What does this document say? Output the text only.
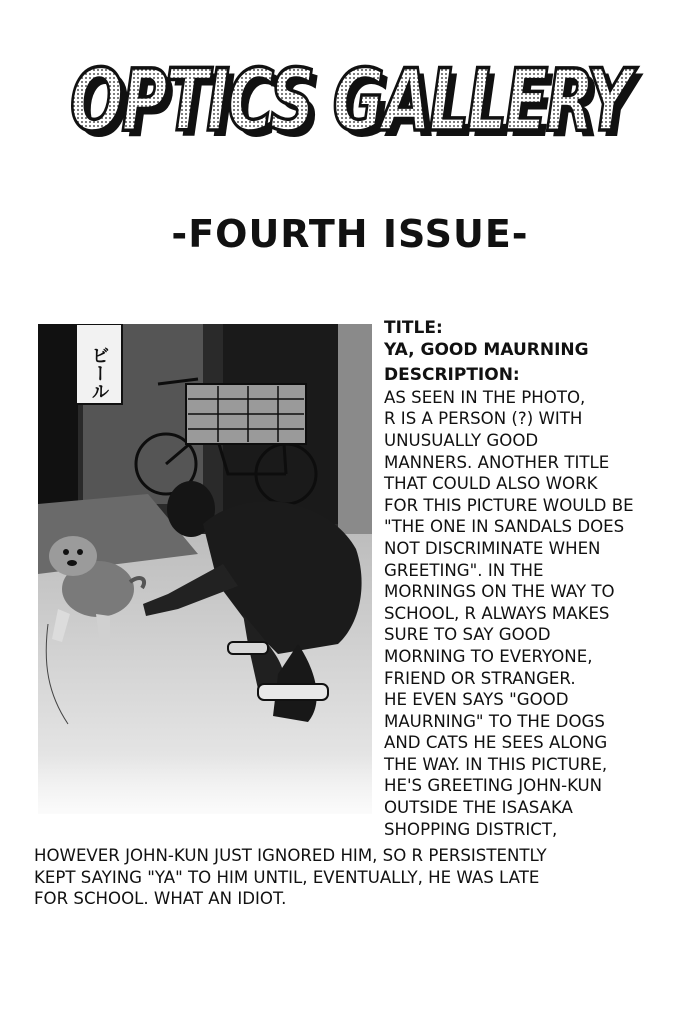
OPTICS GALLERY
OPTICS GALLERY
-FOURTH ISSUE-
ビール
TITLE:
YA, GOOD MAURNING
DESCRIPTION:
AS SEEN IN THE PHOTO,
R IS A PERSON (?) WITH
UNUSUALLY GOOD
MANNERS. ANOTHER TITLE
THAT COULD ALSO WORK
FOR THIS PICTURE WOULD BE
"THE ONE IN SANDALS DOES
NOT DISCRIMINATE WHEN
GREETING". IN THE
MORNINGS ON THE WAY TO
SCHOOL, R ALWAYS MAKES
SURE TO SAY GOOD
MORNING TO EVERYONE,
FRIEND OR STRANGER.
HE EVEN SAYS "GOOD
MAURNING" TO THE DOGS
AND CATS HE SEES ALONG
THE WAY. IN THIS PICTURE,
HE'S GREETING JOHN-KUN
OUTSIDE THE ISASAKA
SHOPPING DISTRICT,
HOWEVER JOHN-KUN JUST IGNORED HIM, SO R PERSISTENTLY
KEPT SAYING "YA" TO HIM UNTIL, EVENTUALLY, HE WAS LATE
FOR SCHOOL. WHAT AN IDIOT.
